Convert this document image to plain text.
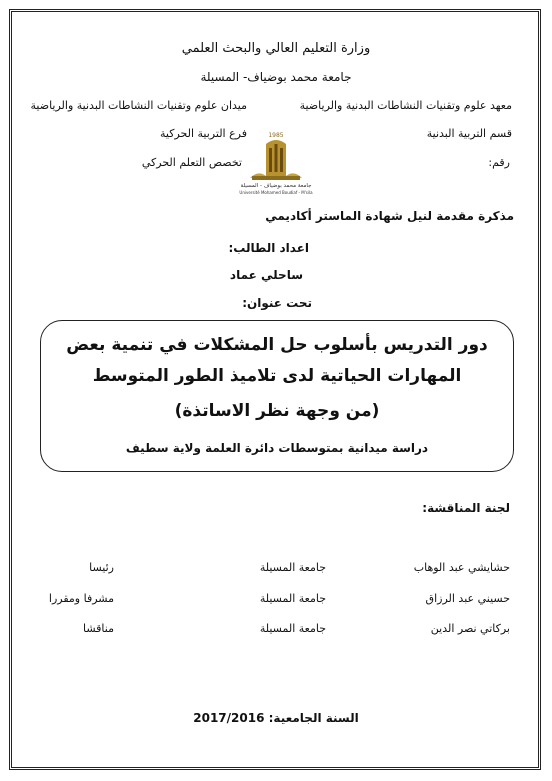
وزارة التعليم العالي والبحث العلمي
جامعة محمد بوضياف- المسيلة
معهد علوم وتقنيات النشاطات البدنية والرياضية
ميدان علوم وتقنيات النشاطات البدنية والرياضية
قسم التربية البدنية
فرع التربية الحركية
رقم:
تخصص التعلم الحركي
1985
جامعة محمد بوضياف - المسيلة
Université Mohamed Boudiaf - M'sila
مذكرة مقدمة لنيل شهادة الماستر أكاديمي
اعداد الطالب:
ساحلي عماد
تحت عنوان:
دور التدريس بأسلوب حل المشكلات في تنمية بعض
المهارات الحياتية لدى تلاميذ الطور المتوسط
(من وجهة نظر الاساتذة)
دراسة ميدانية بمتوسطات دائرة العلمة ولاية سطيف
لجنة المناقشة:
حشايشي عبد الوهاب
جامعة المسيلة
رئيسا
حسيني عبد الرزاق
جامعة المسيلة
مشرفا ومقررا
بركاتي نصر الدين
جامعة المسيلة
مناقشا
السنة الجامعية: 2017/2016
